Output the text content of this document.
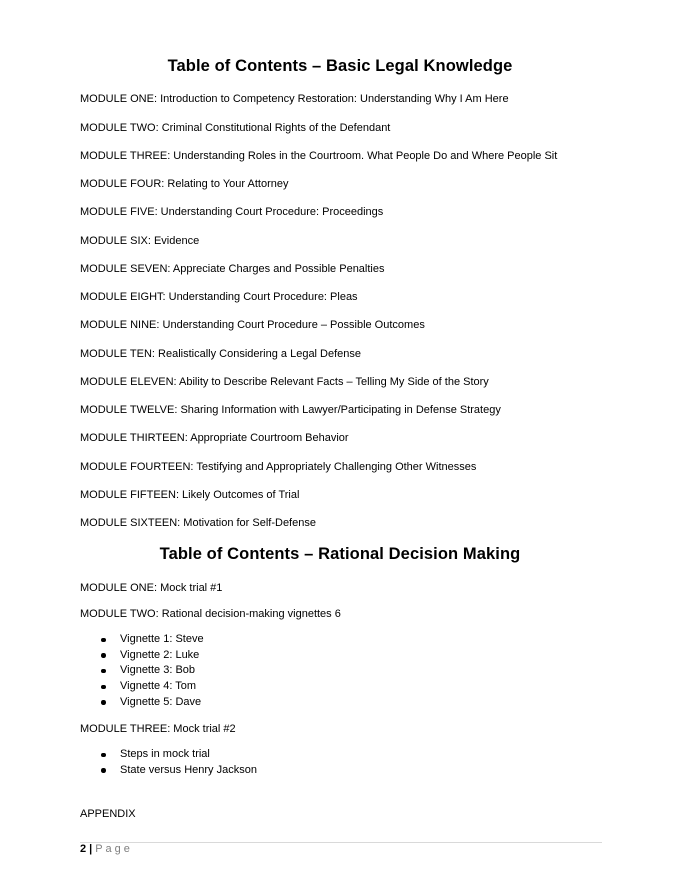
Table of Contents – Basic Legal Knowledge
MODULE ONE: Introduction to Competency Restoration: Understanding Why I Am Here
MODULE TWO: Criminal Constitutional Rights of the Defendant
MODULE THREE: Understanding Roles in the Courtroom. What People Do and Where People Sit
MODULE FOUR: Relating to Your Attorney
MODULE FIVE: Understanding Court Procedure: Proceedings
MODULE SIX: Evidence
MODULE SEVEN: Appreciate Charges and Possible Penalties
MODULE EIGHT: Understanding Court Procedure: Pleas
MODULE NINE: Understanding Court Procedure – Possible Outcomes
MODULE TEN: Realistically Considering a Legal Defense
MODULE ELEVEN: Ability to Describe Relevant Facts – Telling My Side of the Story
MODULE TWELVE: Sharing Information with Lawyer/Participating in Defense Strategy
MODULE THIRTEEN: Appropriate Courtroom Behavior
MODULE FOURTEEN: Testifying and Appropriately Challenging Other Witnesses
MODULE FIFTEEN: Likely Outcomes of Trial
MODULE SIXTEEN: Motivation for Self-Defense
Table of Contents – Rational Decision Making
MODULE ONE: Mock trial #1
MODULE TWO: Rational decision-making vignettes 6
Vignette 1: Steve
Vignette 2: Luke
Vignette 3: Bob
Vignette 4: Tom
Vignette 5: Dave
MODULE THREE: Mock trial #2
Steps in mock trial
State versus Henry Jackson
APPENDIX
2 | Page
